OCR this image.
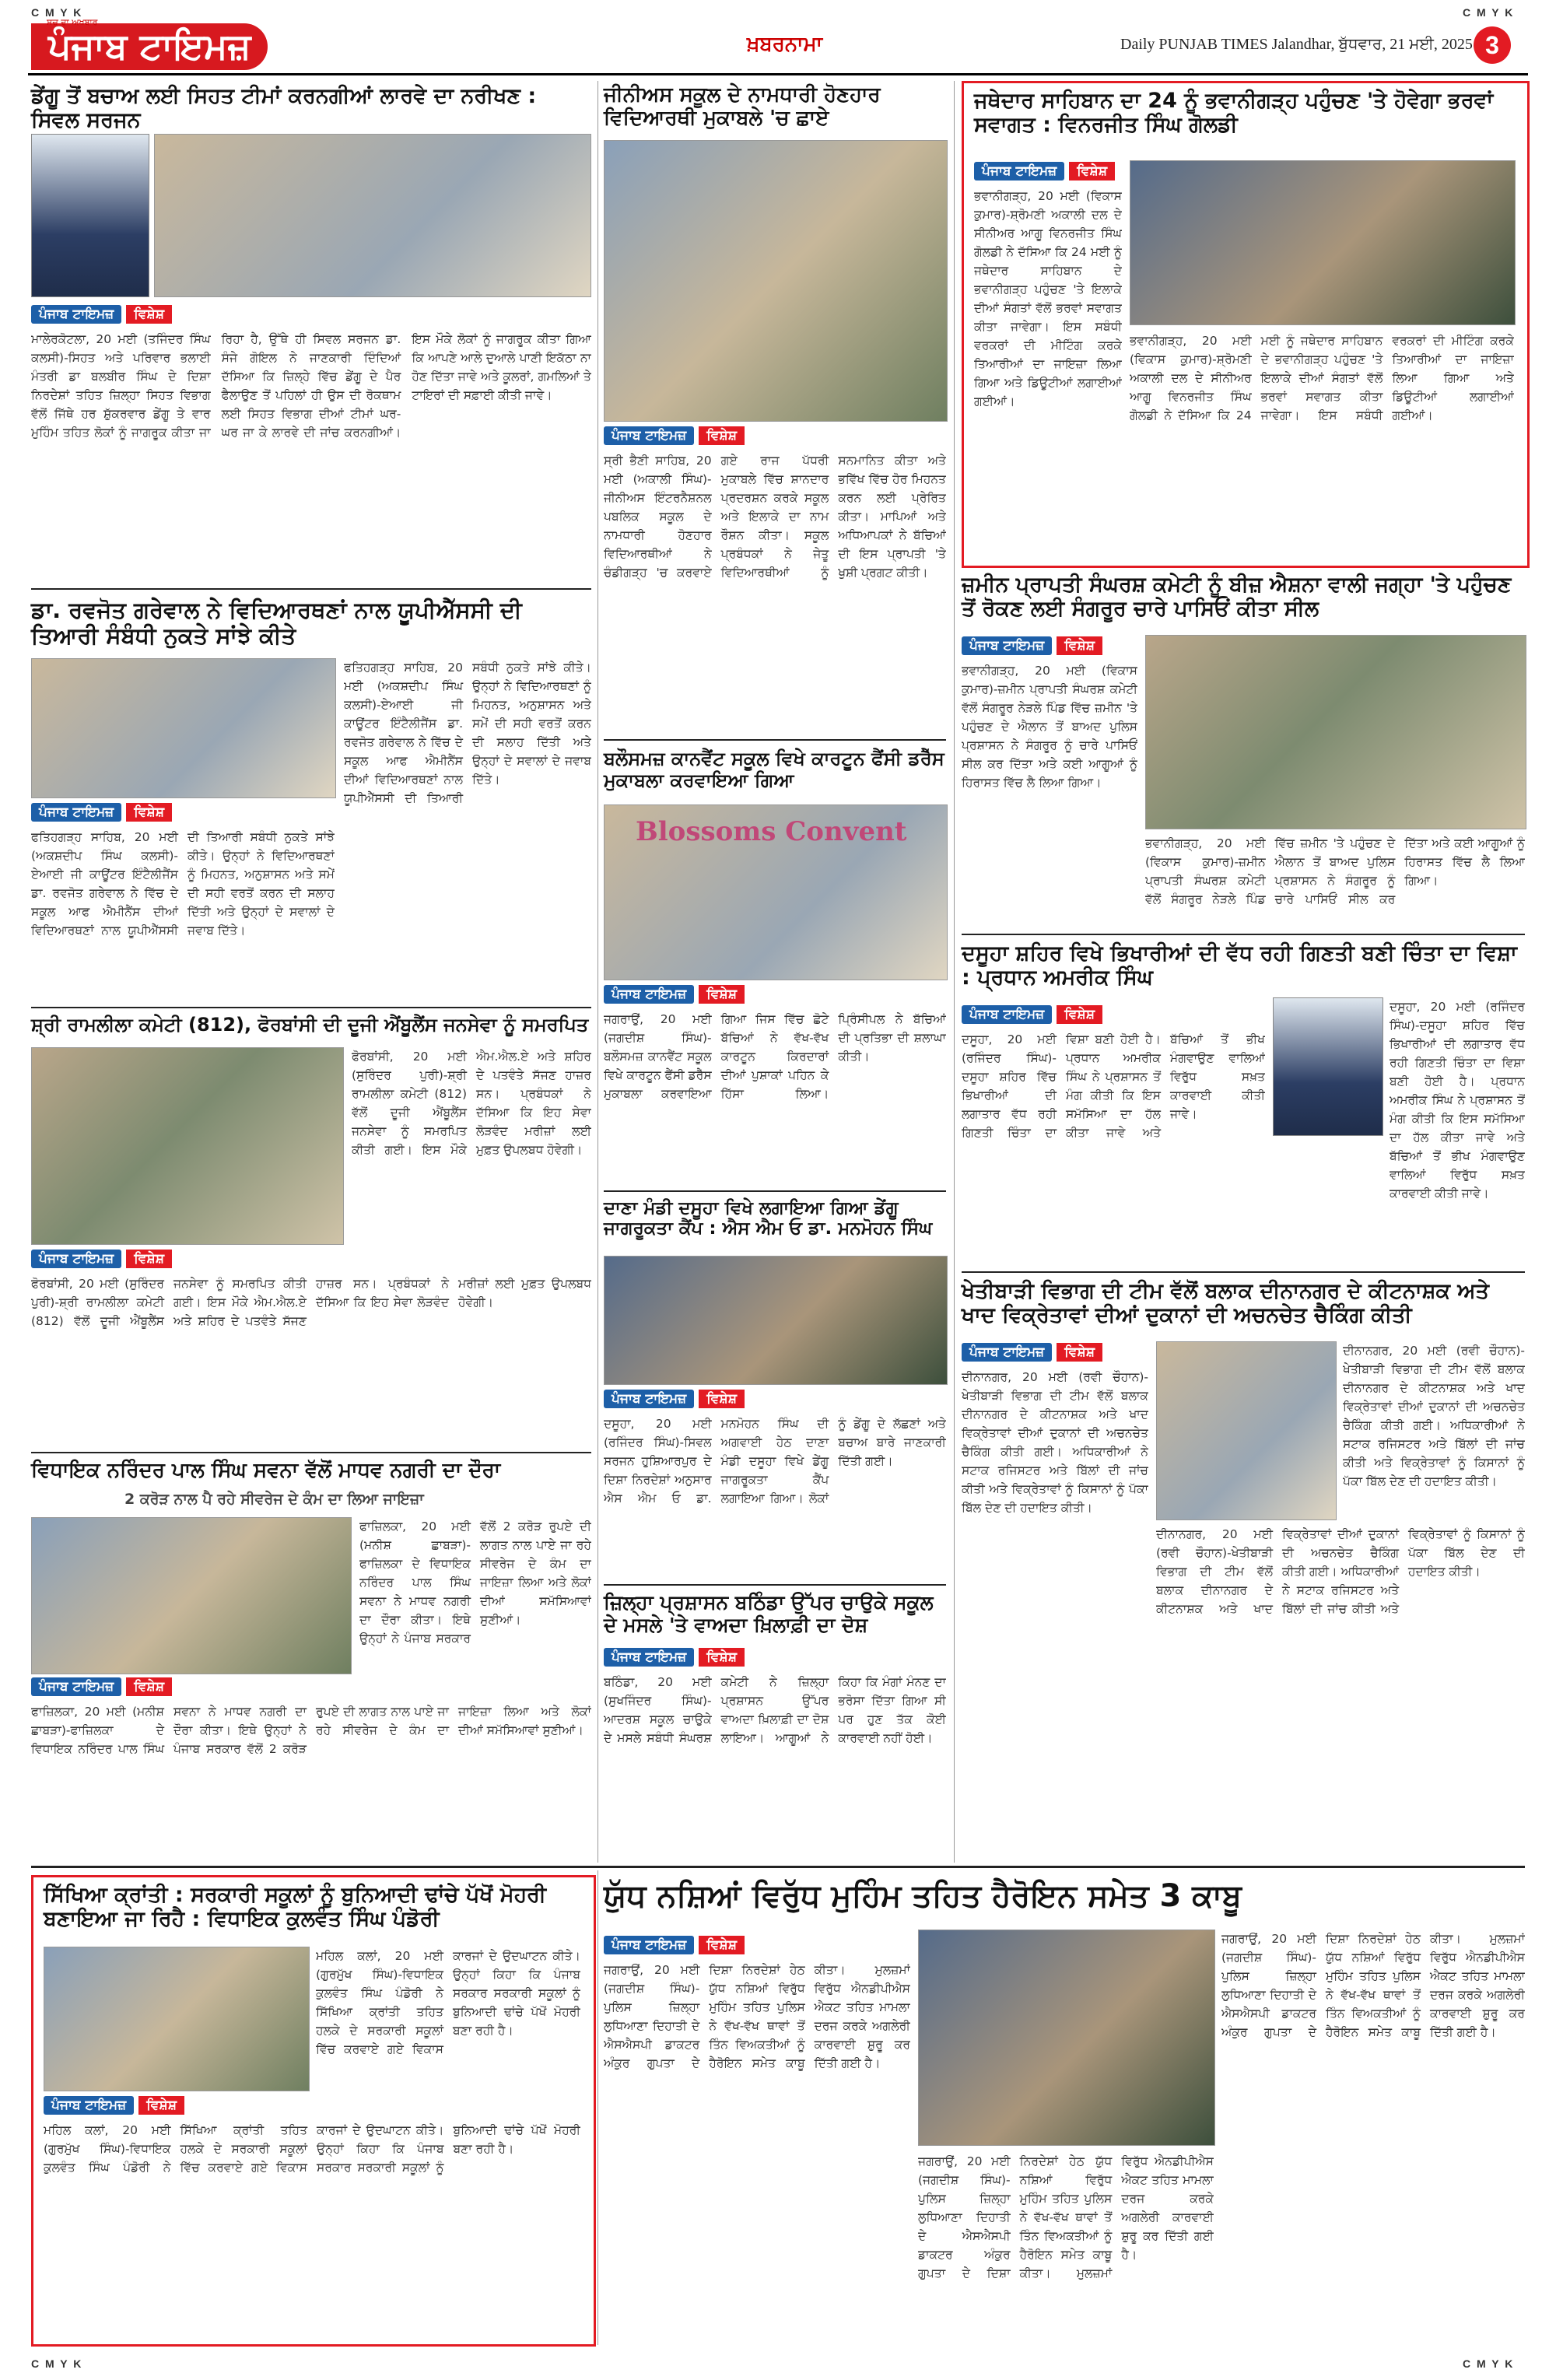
C M Y K	C M Y K
ਪੰਜਾਬ ਟਾਇਮਜ਼
ਸਚ ਦਾ ਅਖਬਾਰ
ਖ਼ਬਰਨਾਮਾ	Daily PUNJAB TIMES Jalandhar, ਬੁੱਧਵਾਰ, 21 ਮਈ, 2025 3
ਡੇਂਗੂ ਤੋਂ ਬਚਾਅ ਲਈ ਸਿਹਤ ਟੀਮਾਂ ਕਰਨਗੀਆਂ ਲਾਰਵੇ ਦਾ ਨਰੀਖਣ : ਸਿਵਲ ਸਰਜਨ
ਪੰਜਾਬ ਟਾਇਮਜ਼	ਵਿਸ਼ੇਸ਼
ਮਾਲੇਰਕੋਟਲਾ, 20 ਮਈ (ਤਜਿੰਦਰ ਸਿੰਘ ਕਲਸੀ)-ਸਿਹਤ ਅਤੇ ਪਰਿਵਾਰ ਭਲਾਈ ਮੰਤਰੀ ਡਾ ਬਲਬੀਰ ਸਿੰਘ ਦੇ ਦਿਸ਼ਾ ਨਿਰਦੇਸ਼ਾਂ ਤਹਿਤ ਜ਼ਿਲ੍ਹਾ ਸਿਹਤ ਵਿਭਾਗ ਵੱਲੋਂ ਜਿੱਥੇ ਹਰ ਸ਼ੁੱਕਰਵਾਰ ਡੇਂਗੂ ਤੇ ਵਾਰ ਮੁਹਿੰਮ ਤਹਿਤ ਲੋਕਾਂ ਨੂੰ ਜਾਗਰੂਕ ਕੀਤਾ ਜਾ ਰਿਹਾ ਹੈ, ਉੱਥੇ ਹੀ ਸਿਵਲ ਸਰਜਨ ਡਾ. ਸੰਜੇ ਗੋਇਲ ਨੇ ਜਾਣਕਾਰੀ ਦਿੰਦਿਆਂ ਦੱਸਿਆ ਕਿ ਜ਼ਿਲ੍ਹੇ ਵਿੱਚ ਡੇਂਗੂ ਦੇ ਪੈਰ ਫੈਲਾਉਣ ਤੋਂ ਪਹਿਲਾਂ ਹੀ ਉਸ ਦੀ ਰੋਕਥਾਮ ਲਈ ਸਿਹਤ ਵਿਭਾਗ ਦੀਆਂ ਟੀਮਾਂ ਘਰ-ਘਰ ਜਾ ਕੇ ਲਾਰਵੇ ਦੀ ਜਾਂਚ ਕਰਨਗੀਆਂ। ਇਸ ਮੌਕੇ ਲੋਕਾਂ ਨੂੰ ਜਾਗਰੂਕ ਕੀਤਾ ਗਿਆ ਕਿ ਆਪਣੇ ਆਲੇ ਦੁਆਲੇ ਪਾਣੀ ਇਕੱਠਾ ਨਾ ਹੋਣ ਦਿੱਤਾ ਜਾਵੇ ਅਤੇ ਕੂਲਰਾਂ, ਗਮਲਿਆਂ ਤੇ ਟਾਇਰਾਂ ਦੀ ਸਫ਼ਾਈ ਕੀਤੀ ਜਾਵੇ।
ਜੀਨੀਅਸ ਸਕੂਲ ਦੇ ਨਾਮਧਾਰੀ ਹੋਣਹਾਰ ਵਿਦਿਆਰਥੀ ਮੁਕਾਬਲੇ 'ਚ ਛਾਏ
ਪੰਜਾਬ ਟਾਇਮਜ਼	ਵਿਸ਼ੇਸ਼
ਸ੍ਰੀ ਭੈਣੀ ਸਾਹਿਬ, 20 ਮਈ (ਅਕਾਲੀ ਸਿੰਘ)-ਜੀਨੀਅਸ ਇੰਟਰਨੈਸ਼ਨਲ ਪਬਲਿਕ ਸਕੂਲ ਦੇ ਨਾਮਧਾਰੀ ਹੋਣਹਾਰ ਵਿਦਿਆਰਥੀਆਂ ਨੇ ਚੰਡੀਗੜ੍ਹ 'ਚ ਕਰਵਾਏ ਗਏ ਰਾਜ ਪੱਧਰੀ ਮੁਕਾਬਲੇ ਵਿੱਚ ਸ਼ਾਨਦਾਰ ਪ੍ਰਦਰਸ਼ਨ ਕਰਕੇ ਸਕੂਲ ਅਤੇ ਇਲਾਕੇ ਦਾ ਨਾਮ ਰੌਸ਼ਨ ਕੀਤਾ। ਸਕੂਲ ਪ੍ਰਬੰਧਕਾਂ ਨੇ ਜੇਤੂ ਵਿਦਿਆਰਥੀਆਂ ਨੂੰ ਸਨਮਾਨਿਤ ਕੀਤਾ ਅਤੇ ਭਵਿੱਖ ਵਿੱਚ ਹੋਰ ਮਿਹਨਤ ਕਰਨ ਲਈ ਪ੍ਰੇਰਿਤ ਕੀਤਾ। ਮਾਪਿਆਂ ਅਤੇ ਅਧਿਆਪਕਾਂ ਨੇ ਬੱਚਿਆਂ ਦੀ ਇਸ ਪ੍ਰਾਪਤੀ 'ਤੇ ਖੁਸ਼ੀ ਪ੍ਰਗਟ ਕੀਤੀ।
ਜਥੇਦਾਰ ਸਾਹਿਬਾਨ ਦਾ 24 ਨੂੰ ਭਵਾਨੀਗੜ੍ਹ ਪਹੁੰਚਣ 'ਤੇ ਹੋਵੇਗਾ ਭਰਵਾਂ ਸਵਾਗਤ : ਵਿਨਰਜੀਤ ਸਿੰਘ ਗੋਲਡੀ
ਪੰਜਾਬ ਟਾਇਮਜ਼	ਵਿਸ਼ੇਸ਼
ਭਵਾਨੀਗੜ੍ਹ, 20 ਮਈ (ਵਿਕਾਸ ਕੁਮਾਰ)-ਸ਼੍ਰੋਮਣੀ ਅਕਾਲੀ ਦਲ ਦੇ ਸੀਨੀਅਰ ਆਗੂ ਵਿਨਰਜੀਤ ਸਿੰਘ ਗੋਲਡੀ ਨੇ ਦੱਸਿਆ ਕਿ 24 ਮਈ ਨੂੰ ਜਥੇਦਾਰ ਸਾਹਿਬਾਨ ਦੇ ਭਵਾਨੀਗੜ੍ਹ ਪਹੁੰਚਣ 'ਤੇ ਇਲਾਕੇ ਦੀਆਂ ਸੰਗਤਾਂ ਵੱਲੋਂ ਭਰਵਾਂ ਸਵਾਗਤ ਕੀਤਾ ਜਾਵੇਗਾ। ਇਸ ਸਬੰਧੀ ਵਰਕਰਾਂ ਦੀ ਮੀਟਿੰਗ ਕਰਕੇ ਤਿਆਰੀਆਂ ਦਾ ਜਾਇਜ਼ਾ ਲਿਆ ਗਿਆ ਅਤੇ ਡਿਊਟੀਆਂ ਲਗਾਈਆਂ ਗਈਆਂ।
ਭਵਾਨੀਗੜ੍ਹ, 20 ਮਈ (ਵਿਕਾਸ ਕੁਮਾਰ)-ਸ਼੍ਰੋਮਣੀ ਅਕਾਲੀ ਦਲ ਦੇ ਸੀਨੀਅਰ ਆਗੂ ਵਿਨਰਜੀਤ ਸਿੰਘ ਗੋਲਡੀ ਨੇ ਦੱਸਿਆ ਕਿ 24 ਮਈ ਨੂੰ ਜਥੇਦਾਰ ਸਾਹਿਬਾਨ ਦੇ ਭਵਾਨੀਗੜ੍ਹ ਪਹੁੰਚਣ 'ਤੇ ਇਲਾਕੇ ਦੀਆਂ ਸੰਗਤਾਂ ਵੱਲੋਂ ਭਰਵਾਂ ਸਵਾਗਤ ਕੀਤਾ ਜਾਵੇਗਾ। ਇਸ ਸਬੰਧੀ ਵਰਕਰਾਂ ਦੀ ਮੀਟਿੰਗ ਕਰਕੇ ਤਿਆਰੀਆਂ ਦਾ ਜਾਇਜ਼ਾ ਲਿਆ ਗਿਆ ਅਤੇ ਡਿਊਟੀਆਂ ਲਗਾਈਆਂ ਗਈਆਂ।
ਡਾ. ਰਵਜੋਤ ਗਰੇਵਾਲ ਨੇ ਵਿਦਿਆਰਥਣਾਂ ਨਾਲ ਯੂਪੀਐੱਸਸੀ ਦੀ ਤਿਆਰੀ ਸੰਬੰਧੀ ਨੁਕਤੇ ਸਾਂਝੇ ਕੀਤੇ
ਪੰਜਾਬ ਟਾਇਮਜ਼	ਵਿਸ਼ੇਸ਼
ਫਤਿਹਗੜ੍ਹ ਸਾਹਿਬ, 20 ਮਈ (ਅਕਸ਼ਦੀਪ ਸਿੰਘ ਕਲਸੀ)-ਏਆਈ ਜੀ ਕਾਊਂਟਰ ਇੰਟੈਲੀਜੈਂਸ ਡਾ. ਰਵਜੋਤ ਗਰੇਵਾਲ ਨੇ ਵਿੱਚ ਦੇ ਸਕੂਲ ਆਫ ਐਮੀਨੈਂਸ ਦੀਆਂ ਵਿਦਿਆਰਥਣਾਂ ਨਾਲ ਯੂਪੀਐੱਸਸੀ ਦੀ ਤਿਆਰੀ ਸਬੰਧੀ ਨੁਕਤੇ ਸਾਂਝੇ ਕੀਤੇ। ਉਨ੍ਹਾਂ ਨੇ ਵਿਦਿਆਰਥਣਾਂ ਨੂੰ ਮਿਹਨਤ, ਅਨੁਸ਼ਾਸਨ ਅਤੇ ਸਮੇਂ ਦੀ ਸਹੀ ਵਰਤੋਂ ਕਰਨ ਦੀ ਸਲਾਹ ਦਿੱਤੀ ਅਤੇ ਉਨ੍ਹਾਂ ਦੇ ਸਵਾਲਾਂ ਦੇ ਜਵਾਬ ਦਿੱਤੇ।
ਫਤਿਹਗੜ੍ਹ ਸਾਹਿਬ, 20 ਮਈ (ਅਕਸ਼ਦੀਪ ਸਿੰਘ ਕਲਸੀ)-ਏਆਈ ਜੀ ਕਾਊਂਟਰ ਇੰਟੈਲੀਜੈਂਸ ਡਾ. ਰਵਜੋਤ ਗਰੇਵਾਲ ਨੇ ਵਿੱਚ ਦੇ ਸਕੂਲ ਆਫ ਐਮੀਨੈਂਸ ਦੀਆਂ ਵਿਦਿਆਰਥਣਾਂ ਨਾਲ ਯੂਪੀਐੱਸਸੀ ਦੀ ਤਿਆਰੀ ਸਬੰਧੀ ਨੁਕਤੇ ਸਾਂਝੇ ਕੀਤੇ। ਉਨ੍ਹਾਂ ਨੇ ਵਿਦਿਆਰਥਣਾਂ ਨੂੰ ਮਿਹਨਤ, ਅਨੁਸ਼ਾਸਨ ਅਤੇ ਸਮੇਂ ਦੀ ਸਹੀ ਵਰਤੋਂ ਕਰਨ ਦੀ ਸਲਾਹ ਦਿੱਤੀ ਅਤੇ ਉਨ੍ਹਾਂ ਦੇ ਸਵਾਲਾਂ ਦੇ ਜਵਾਬ ਦਿੱਤੇ।
ਸ਼੍ਰੀ ਰਾਮਲੀਲਾ ਕਮੇਟੀ (812), ਫੋਰਬਾਂਸੀ ਦੀ ਦੂਜੀ ਐਂਬੂਲੈਂਸ ਜਨਸੇਵਾ ਨੂੰ ਸਮਰਪਿਤ
ਪੰਜਾਬ ਟਾਇਮਜ਼	ਵਿਸ਼ੇਸ਼
ਫੋਰਬਾਂਸੀ, 20 ਮਈ (ਸੁਰਿੰਦਰ ਪੁਰੀ)-ਸ਼੍ਰੀ ਰਾਮਲੀਲਾ ਕਮੇਟੀ (812) ਵੱਲੋਂ ਦੂਜੀ ਐਂਬੂਲੈਂਸ ਜਨਸੇਵਾ ਨੂੰ ਸਮਰਪਿਤ ਕੀਤੀ ਗਈ। ਇਸ ਮੌਕੇ ਐਮ.ਐਲ.ਏ ਅਤੇ ਸ਼ਹਿਰ ਦੇ ਪਤਵੰਤੇ ਸੱਜਣ ਹਾਜ਼ਰ ਸਨ। ਪ੍ਰਬੰਧਕਾਂ ਨੇ ਦੱਸਿਆ ਕਿ ਇਹ ਸੇਵਾ ਲੋੜਵੰਦ ਮਰੀਜ਼ਾਂ ਲਈ ਮੁਫ਼ਤ ਉਪਲਬਧ ਹੋਵੇਗੀ।
ਫੋਰਬਾਂਸੀ, 20 ਮਈ (ਸੁਰਿੰਦਰ ਪੁਰੀ)-ਸ਼੍ਰੀ ਰਾਮਲੀਲਾ ਕਮੇਟੀ (812) ਵੱਲੋਂ ਦੂਜੀ ਐਂਬੂਲੈਂਸ ਜਨਸੇਵਾ ਨੂੰ ਸਮਰਪਿਤ ਕੀਤੀ ਗਈ। ਇਸ ਮੌਕੇ ਐਮ.ਐਲ.ਏ ਅਤੇ ਸ਼ਹਿਰ ਦੇ ਪਤਵੰਤੇ ਸੱਜਣ ਹਾਜ਼ਰ ਸਨ। ਪ੍ਰਬੰਧਕਾਂ ਨੇ ਦੱਸਿਆ ਕਿ ਇਹ ਸੇਵਾ ਲੋੜਵੰਦ ਮਰੀਜ਼ਾਂ ਲਈ ਮੁਫ਼ਤ ਉਪਲਬਧ ਹੋਵੇਗੀ।
ਵਿਧਾਇਕ ਨਰਿੰਦਰ ਪਾਲ ਸਿੰਘ ਸਵਨਾ ਵੱਲੋਂ ਮਾਧਵ ਨਗਰੀ ਦਾ ਦੌਰਾ
2 ਕਰੋੜ ਨਾਲ ਪੈ ਰਹੇ ਸੀਵਰੇਜ ਦੇ ਕੰਮ ਦਾ ਲਿਆ ਜਾਇਜ਼ਾ
ਪੰਜਾਬ ਟਾਇਮਜ਼	ਵਿਸ਼ੇਸ਼
ਫਾਜ਼ਿਲਕਾ, 20 ਮਈ (ਮਨੀਸ਼ ਛਾਬੜਾ)-ਫਾਜ਼ਿਲਕਾ ਦੇ ਵਿਧਾਇਕ ਨਰਿੰਦਰ ਪਾਲ ਸਿੰਘ ਸਵਨਾ ਨੇ ਮਾਧਵ ਨਗਰੀ ਦਾ ਦੌਰਾ ਕੀਤਾ। ਇਥੇ ਉਨ੍ਹਾਂ ਨੇ ਪੰਜਾਬ ਸਰਕਾਰ ਵੱਲੋਂ 2 ਕਰੋੜ ਰੁਪਏ ਦੀ ਲਾਗਤ ਨਾਲ ਪਾਏ ਜਾ ਰਹੇ ਸੀਵਰੇਜ ਦੇ ਕੰਮ ਦਾ ਜਾਇਜ਼ਾ ਲਿਆ ਅਤੇ ਲੋਕਾਂ ਦੀਆਂ ਸਮੱਸਿਆਵਾਂ ਸੁਣੀਆਂ।
ਫਾਜ਼ਿਲਕਾ, 20 ਮਈ (ਮਨੀਸ਼ ਛਾਬੜਾ)-ਫਾਜ਼ਿਲਕਾ ਦੇ ਵਿਧਾਇਕ ਨਰਿੰਦਰ ਪਾਲ ਸਿੰਘ ਸਵਨਾ ਨੇ ਮਾਧਵ ਨਗਰੀ ਦਾ ਦੌਰਾ ਕੀਤਾ। ਇਥੇ ਉਨ੍ਹਾਂ ਨੇ ਪੰਜਾਬ ਸਰਕਾਰ ਵੱਲੋਂ 2 ਕਰੋੜ ਰੁਪਏ ਦੀ ਲਾਗਤ ਨਾਲ ਪਾਏ ਜਾ ਰਹੇ ਸੀਵਰੇਜ ਦੇ ਕੰਮ ਦਾ ਜਾਇਜ਼ਾ ਲਿਆ ਅਤੇ ਲੋਕਾਂ ਦੀਆਂ ਸਮੱਸਿਆਵਾਂ ਸੁਣੀਆਂ।
ਬਲੌਸਮਜ਼ ਕਾਨਵੈਂਟ ਸਕੂਲ ਵਿਖੇ ਕਾਰਟੂਨ ਫੈਂਸੀ ਡਰੈੱਸ ਮੁਕਾਬਲਾ ਕਰਵਾਇਆ ਗਿਆ
Blossoms Convent
ਪੰਜਾਬ ਟਾਇਮਜ਼	ਵਿਸ਼ੇਸ਼
ਜਗਰਾਉਂ, 20 ਮਈ (ਜਗਦੀਸ਼ ਸਿੰਘ)-ਬਲੌਸਮਜ਼ ਕਾਨਵੈਂਟ ਸਕੂਲ ਵਿਖੇ ਕਾਰਟੂਨ ਫੈਂਸੀ ਡਰੈੱਸ ਮੁਕਾਬਲਾ ਕਰਵਾਇਆ ਗਿਆ ਜਿਸ ਵਿੱਚ ਛੋਟੇ ਬੱਚਿਆਂ ਨੇ ਵੱਖ-ਵੱਖ ਕਾਰਟੂਨ ਕਿਰਦਾਰਾਂ ਦੀਆਂ ਪੁਸ਼ਾਕਾਂ ਪਹਿਨ ਕੇ ਹਿੱਸਾ ਲਿਆ। ਪ੍ਰਿੰਸੀਪਲ ਨੇ ਬੱਚਿਆਂ ਦੀ ਪ੍ਰਤਿਭਾ ਦੀ ਸ਼ਲਾਘਾ ਕੀਤੀ।
ਦਾਣਾ ਮੰਡੀ ਦਸੂਹਾ ਵਿਖੇ ਲਗਾਇਆ ਗਿਆ ਡੇਂਗੂ ਜਾਗਰੂਕਤਾ ਕੈਂਪ : ਐਸ ਐਮ ਓ ਡਾ. ਮਨਮੋਹਨ ਸਿੰਘ
ਪੰਜਾਬ ਟਾਇਮਜ਼	ਵਿਸ਼ੇਸ਼
ਦਸੂਹਾ, 20 ਮਈ (ਰਜਿੰਦਰ ਸਿੰਘ)-ਸਿਵਲ ਸਰਜਨ ਹੁਸ਼ਿਆਰਪੁਰ ਦੇ ਦਿਸ਼ਾ ਨਿਰਦੇਸ਼ਾਂ ਅਨੁਸਾਰ ਐਸ ਐਮ ਓ ਡਾ. ਮਨਮੋਹਨ ਸਿੰਘ ਦੀ ਅਗਵਾਈ ਹੇਠ ਦਾਣਾ ਮੰਡੀ ਦਸੂਹਾ ਵਿਖੇ ਡੇਂਗੂ ਜਾਗਰੂਕਤਾ ਕੈਂਪ ਲਗਾਇਆ ਗਿਆ। ਲੋਕਾਂ ਨੂੰ ਡੇਂਗੂ ਦੇ ਲੱਛਣਾਂ ਅਤੇ ਬਚਾਅ ਬਾਰੇ ਜਾਣਕਾਰੀ ਦਿੱਤੀ ਗਈ।
ਜ਼ਿਲ੍ਹਾ ਪ੍ਰਸ਼ਾਸਨ ਬਠਿੰਡਾ ਉੱਪਰ ਚਾਉਕੇ ਸਕੂਲ ਦੇ ਮਸਲੇ 'ਤੇ ਵਾਅਦਾ ਖ਼ਿਲਾਫ਼ੀ ਦਾ ਦੋਸ਼
ਪੰਜਾਬ ਟਾਇਮਜ਼	ਵਿਸ਼ੇਸ਼
ਬਠਿੰਡਾ, 20 ਮਈ (ਸੁਖਜਿੰਦਰ ਸਿੰਘ)-ਆਦਰਸ਼ ਸਕੂਲ ਚਾਉਕੇ ਦੇ ਮਸਲੇ ਸਬੰਧੀ ਸੰਘਰਸ਼ ਕਮੇਟੀ ਨੇ ਜ਼ਿਲ੍ਹਾ ਪ੍ਰਸ਼ਾਸਨ ਉੱਪਰ ਵਾਅਦਾ ਖ਼ਿਲਾਫ਼ੀ ਦਾ ਦੋਸ਼ ਲਾਇਆ। ਆਗੂਆਂ ਨੇ ਕਿਹਾ ਕਿ ਮੰਗਾਂ ਮੰਨਣ ਦਾ ਭਰੋਸਾ ਦਿੱਤਾ ਗਿਆ ਸੀ ਪਰ ਹੁਣ ਤੱਕ ਕੋਈ ਕਾਰਵਾਈ ਨਹੀਂ ਹੋਈ।
ਜ਼ਮੀਨ ਪ੍ਰਾਪਤੀ ਸੰਘਰਸ਼ ਕਮੇਟੀ ਨੂੰ ਬੀਜ਼ ਐਸ਼ਨਾ ਵਾਲੀ ਜਗ੍ਹਾ 'ਤੇ ਪਹੁੰਚਣ ਤੋਂ ਰੋਕਣ ਲਈ ਸੰਗਰੂਰ ਚਾਰੇ ਪਾਸਿਓਂ ਕੀਤਾ ਸੀਲ
ਪੰਜਾਬ ਟਾਇਮਜ਼	ਵਿਸ਼ੇਸ਼
ਭਵਾਨੀਗੜ੍ਹ, 20 ਮਈ (ਵਿਕਾਸ ਕੁਮਾਰ)-ਜ਼ਮੀਨ ਪ੍ਰਾਪਤੀ ਸੰਘਰਸ਼ ਕਮੇਟੀ ਵੱਲੋਂ ਸੰਗਰੂਰ ਨੇੜਲੇ ਪਿੰਡ ਵਿੱਚ ਜ਼ਮੀਨ 'ਤੇ ਪਹੁੰਚਣ ਦੇ ਐਲਾਨ ਤੋਂ ਬਾਅਦ ਪੁਲਿਸ ਪ੍ਰਸ਼ਾਸਨ ਨੇ ਸੰਗਰੂਰ ਨੂੰ ਚਾਰੇ ਪਾਸਿਓਂ ਸੀਲ ਕਰ ਦਿੱਤਾ ਅਤੇ ਕਈ ਆਗੂਆਂ ਨੂੰ ਹਿਰਾਸਤ ਵਿੱਚ ਲੈ ਲਿਆ ਗਿਆ।
ਭਵਾਨੀਗੜ੍ਹ, 20 ਮਈ (ਵਿਕਾਸ ਕੁਮਾਰ)-ਜ਼ਮੀਨ ਪ੍ਰਾਪਤੀ ਸੰਘਰਸ਼ ਕਮੇਟੀ ਵੱਲੋਂ ਸੰਗਰੂਰ ਨੇੜਲੇ ਪਿੰਡ ਵਿੱਚ ਜ਼ਮੀਨ 'ਤੇ ਪਹੁੰਚਣ ਦੇ ਐਲਾਨ ਤੋਂ ਬਾਅਦ ਪੁਲਿਸ ਪ੍ਰਸ਼ਾਸਨ ਨੇ ਸੰਗਰੂਰ ਨੂੰ ਚਾਰੇ ਪਾਸਿਓਂ ਸੀਲ ਕਰ ਦਿੱਤਾ ਅਤੇ ਕਈ ਆਗੂਆਂ ਨੂੰ ਹਿਰਾਸਤ ਵਿੱਚ ਲੈ ਲਿਆ ਗਿਆ।
ਦਸੂਹਾ ਸ਼ਹਿਰ ਵਿਖੇ ਭਿਖਾਰੀਆਂ ਦੀ ਵੱਧ ਰਹੀ ਗਿਣਤੀ ਬਣੀ ਚਿੰਤਾ ਦਾ ਵਿਸ਼ਾ : ਪ੍ਰਧਾਨ ਅਮਰੀਕ ਸਿੰਘ
ਪੰਜਾਬ ਟਾਇਮਜ਼	ਵਿਸ਼ੇਸ਼
ਦਸੂਹਾ, 20 ਮਈ (ਰਜਿੰਦਰ ਸਿੰਘ)-ਦਸੂਹਾ ਸ਼ਹਿਰ ਵਿੱਚ ਭਿਖਾਰੀਆਂ ਦੀ ਲਗਾਤਾਰ ਵੱਧ ਰਹੀ ਗਿਣਤੀ ਚਿੰਤਾ ਦਾ ਵਿਸ਼ਾ ਬਣੀ ਹੋਈ ਹੈ। ਪ੍ਰਧਾਨ ਅਮਰੀਕ ਸਿੰਘ ਨੇ ਪ੍ਰਸ਼ਾਸਨ ਤੋਂ ਮੰਗ ਕੀਤੀ ਕਿ ਇਸ ਸਮੱਸਿਆ ਦਾ ਹੱਲ ਕੀਤਾ ਜਾਵੇ ਅਤੇ ਬੱਚਿਆਂ ਤੋਂ ਭੀਖ ਮੰਗਵਾਉਣ ਵਾਲਿਆਂ ਵਿਰੁੱਧ ਸਖ਼ਤ ਕਾਰਵਾਈ ਕੀਤੀ ਜਾਵੇ।
ਦਸੂਹਾ, 20 ਮਈ (ਰਜਿੰਦਰ ਸਿੰਘ)-ਦਸੂਹਾ ਸ਼ਹਿਰ ਵਿੱਚ ਭਿਖਾਰੀਆਂ ਦੀ ਲਗਾਤਾਰ ਵੱਧ ਰਹੀ ਗਿਣਤੀ ਚਿੰਤਾ ਦਾ ਵਿਸ਼ਾ ਬਣੀ ਹੋਈ ਹੈ। ਪ੍ਰਧਾਨ ਅਮਰੀਕ ਸਿੰਘ ਨੇ ਪ੍ਰਸ਼ਾਸਨ ਤੋਂ ਮੰਗ ਕੀਤੀ ਕਿ ਇਸ ਸਮੱਸਿਆ ਦਾ ਹੱਲ ਕੀਤਾ ਜਾਵੇ ਅਤੇ ਬੱਚਿਆਂ ਤੋਂ ਭੀਖ ਮੰਗਵਾਉਣ ਵਾਲਿਆਂ ਵਿਰੁੱਧ ਸਖ਼ਤ ਕਾਰਵਾਈ ਕੀਤੀ ਜਾਵੇ।
ਖੇਤੀਬਾੜੀ ਵਿਭਾਗ ਦੀ ਟੀਮ ਵੱਲੋਂ ਬਲਾਕ ਦੀਨਾਨਗਰ ਦੇ ਕੀਟਨਾਸ਼ਕ ਅਤੇ ਖਾਦ ਵਿਕ੍ਰੇਤਾਵਾਂ ਦੀਆਂ ਦੁਕਾਨਾਂ ਦੀ ਅਚਨਚੇਤ ਚੈਕਿੰਗ ਕੀਤੀ
ਪੰਜਾਬ ਟਾਇਮਜ਼	ਵਿਸ਼ੇਸ਼
ਦੀਨਾਨਗਰ, 20 ਮਈ (ਰਵੀ ਚੌਹਾਨ)-ਖੇਤੀਬਾੜੀ ਵਿਭਾਗ ਦੀ ਟੀਮ ਵੱਲੋਂ ਬਲਾਕ ਦੀਨਾਨਗਰ ਦੇ ਕੀਟਨਾਸ਼ਕ ਅਤੇ ਖਾਦ ਵਿਕ੍ਰੇਤਾਵਾਂ ਦੀਆਂ ਦੁਕਾਨਾਂ ਦੀ ਅਚਨਚੇਤ ਚੈਕਿੰਗ ਕੀਤੀ ਗਈ। ਅਧਿਕਾਰੀਆਂ ਨੇ ਸਟਾਕ ਰਜਿਸਟਰ ਅਤੇ ਬਿੱਲਾਂ ਦੀ ਜਾਂਚ ਕੀਤੀ ਅਤੇ ਵਿਕ੍ਰੇਤਾਵਾਂ ਨੂੰ ਕਿਸਾਨਾਂ ਨੂੰ ਪੱਕਾ ਬਿੱਲ ਦੇਣ ਦੀ ਹਦਾਇਤ ਕੀਤੀ।
ਦੀਨਾਨਗਰ, 20 ਮਈ (ਰਵੀ ਚੌਹਾਨ)-ਖੇਤੀਬਾੜੀ ਵਿਭਾਗ ਦੀ ਟੀਮ ਵੱਲੋਂ ਬਲਾਕ ਦੀਨਾਨਗਰ ਦੇ ਕੀਟਨਾਸ਼ਕ ਅਤੇ ਖਾਦ ਵਿਕ੍ਰੇਤਾਵਾਂ ਦੀਆਂ ਦੁਕਾਨਾਂ ਦੀ ਅਚਨਚੇਤ ਚੈਕਿੰਗ ਕੀਤੀ ਗਈ। ਅਧਿਕਾਰੀਆਂ ਨੇ ਸਟਾਕ ਰਜਿਸਟਰ ਅਤੇ ਬਿੱਲਾਂ ਦੀ ਜਾਂਚ ਕੀਤੀ ਅਤੇ ਵਿਕ੍ਰੇਤਾਵਾਂ ਨੂੰ ਕਿਸਾਨਾਂ ਨੂੰ ਪੱਕਾ ਬਿੱਲ ਦੇਣ ਦੀ ਹਦਾਇਤ ਕੀਤੀ।
ਦੀਨਾਨਗਰ, 20 ਮਈ (ਰਵੀ ਚੌਹਾਨ)-ਖੇਤੀਬਾੜੀ ਵਿਭਾਗ ਦੀ ਟੀਮ ਵੱਲੋਂ ਬਲਾਕ ਦੀਨਾਨਗਰ ਦੇ ਕੀਟਨਾਸ਼ਕ ਅਤੇ ਖਾਦ ਵਿਕ੍ਰੇਤਾਵਾਂ ਦੀਆਂ ਦੁਕਾਨਾਂ ਦੀ ਅਚਨਚੇਤ ਚੈਕਿੰਗ ਕੀਤੀ ਗਈ। ਅਧਿਕਾਰੀਆਂ ਨੇ ਸਟਾਕ ਰਜਿਸਟਰ ਅਤੇ ਬਿੱਲਾਂ ਦੀ ਜਾਂਚ ਕੀਤੀ ਅਤੇ ਵਿਕ੍ਰੇਤਾਵਾਂ ਨੂੰ ਕਿਸਾਨਾਂ ਨੂੰ ਪੱਕਾ ਬਿੱਲ ਦੇਣ ਦੀ ਹਦਾਇਤ ਕੀਤੀ।
ਸਿੱਖਿਆ ਕ੍ਰਾਂਤੀ : ਸਰਕਾਰੀ ਸਕੂਲਾਂ ਨੂੰ ਬੁਨਿਆਦੀ ਢਾਂਚੇ ਪੱਖੋਂ ਮੋਹਰੀ ਬਣਾਇਆ ਜਾ ਰਿਹੈ : ਵਿਧਾਇਕ ਕੁਲਵੰਤ ਸਿੰਘ ਪੰਡੋਰੀ
ਪੰਜਾਬ ਟਾਇਮਜ਼	ਵਿਸ਼ੇਸ਼
ਮਹਿਲ ਕਲਾਂ, 20 ਮਈ (ਗੁਰਮੁੱਖ ਸਿੰਘ)-ਵਿਧਾਇਕ ਕੁਲਵੰਤ ਸਿੰਘ ਪੰਡੋਰੀ ਨੇ ਸਿੱਖਿਆ ਕ੍ਰਾਂਤੀ ਤਹਿਤ ਹਲਕੇ ਦੇ ਸਰਕਾਰੀ ਸਕੂਲਾਂ ਵਿੱਚ ਕਰਵਾਏ ਗਏ ਵਿਕਾਸ ਕਾਰਜਾਂ ਦੇ ਉਦਘਾਟਨ ਕੀਤੇ। ਉਨ੍ਹਾਂ ਕਿਹਾ ਕਿ ਪੰਜਾਬ ਸਰਕਾਰ ਸਰਕਾਰੀ ਸਕੂਲਾਂ ਨੂੰ ਬੁਨਿਆਦੀ ਢਾਂਚੇ ਪੱਖੋਂ ਮੋਹਰੀ ਬਣਾ ਰਹੀ ਹੈ।
ਮਹਿਲ ਕਲਾਂ, 20 ਮਈ (ਗੁਰਮੁੱਖ ਸਿੰਘ)-ਵਿਧਾਇਕ ਕੁਲਵੰਤ ਸਿੰਘ ਪੰਡੋਰੀ ਨੇ ਸਿੱਖਿਆ ਕ੍ਰਾਂਤੀ ਤਹਿਤ ਹਲਕੇ ਦੇ ਸਰਕਾਰੀ ਸਕੂਲਾਂ ਵਿੱਚ ਕਰਵਾਏ ਗਏ ਵਿਕਾਸ ਕਾਰਜਾਂ ਦੇ ਉਦਘਾਟਨ ਕੀਤੇ। ਉਨ੍ਹਾਂ ਕਿਹਾ ਕਿ ਪੰਜਾਬ ਸਰਕਾਰ ਸਰਕਾਰੀ ਸਕੂਲਾਂ ਨੂੰ ਬੁਨਿਆਦੀ ਢਾਂਚੇ ਪੱਖੋਂ ਮੋਹਰੀ ਬਣਾ ਰਹੀ ਹੈ।
ਯੁੱਧ ਨਸ਼ਿਆਂ ਵਿਰੁੱਧ ਮੁਹਿੰਮ ਤਹਿਤ ਹੈਰੋਇਨ ਸਮੇਤ 3 ਕਾਬੂ
ਪੰਜਾਬ ਟਾਇਮਜ਼	ਵਿਸ਼ੇਸ਼
ਜਗਰਾਉਂ, 20 ਮਈ (ਜਗਦੀਸ਼ ਸਿੰਘ)-ਪੁਲਿਸ ਜ਼ਿਲ੍ਹਾ ਲੁਧਿਆਣਾ ਦਿਹਾਤੀ ਦੇ ਐਸਐਸਪੀ ਡਾਕਟਰ ਅੰਕੁਰ ਗੁਪਤਾ ਦੇ ਦਿਸ਼ਾ ਨਿਰਦੇਸ਼ਾਂ ਹੇਠ ਯੁੱਧ ਨਸ਼ਿਆਂ ਵਿਰੁੱਧ ਮੁਹਿੰਮ ਤਹਿਤ ਪੁਲਿਸ ਨੇ ਵੱਖ-ਵੱਖ ਥਾਵਾਂ ਤੋਂ ਤਿੰਨ ਵਿਅਕਤੀਆਂ ਨੂੰ ਹੈਰੋਇਨ ਸਮੇਤ ਕਾਬੂ ਕੀਤਾ। ਮੁਲਜ਼ਮਾਂ ਵਿਰੁੱਧ ਐਨਡੀਪੀਐਸ ਐਕਟ ਤਹਿਤ ਮਾਮਲਾ ਦਰਜ ਕਰਕੇ ਅਗਲੇਰੀ ਕਾਰਵਾਈ ਸ਼ੁਰੂ ਕਰ ਦਿੱਤੀ ਗਈ ਹੈ।
ਜਗਰਾਉਂ, 20 ਮਈ (ਜਗਦੀਸ਼ ਸਿੰਘ)-ਪੁਲਿਸ ਜ਼ਿਲ੍ਹਾ ਲੁਧਿਆਣਾ ਦਿਹਾਤੀ ਦੇ ਐਸਐਸਪੀ ਡਾਕਟਰ ਅੰਕੁਰ ਗੁਪਤਾ ਦੇ ਦਿਸ਼ਾ ਨਿਰਦੇਸ਼ਾਂ ਹੇਠ ਯੁੱਧ ਨਸ਼ਿਆਂ ਵਿਰੁੱਧ ਮੁਹਿੰਮ ਤਹਿਤ ਪੁਲਿਸ ਨੇ ਵੱਖ-ਵੱਖ ਥਾਵਾਂ ਤੋਂ ਤਿੰਨ ਵਿਅਕਤੀਆਂ ਨੂੰ ਹੈਰੋਇਨ ਸਮੇਤ ਕਾਬੂ ਕੀਤਾ। ਮੁਲਜ਼ਮਾਂ ਵਿਰੁੱਧ ਐਨਡੀਪੀਐਸ ਐਕਟ ਤਹਿਤ ਮਾਮਲਾ ਦਰਜ ਕਰਕੇ ਅਗਲੇਰੀ ਕਾਰਵਾਈ ਸ਼ੁਰੂ ਕਰ ਦਿੱਤੀ ਗਈ ਹੈ।
ਜਗਰਾਉਂ, 20 ਮਈ (ਜਗਦੀਸ਼ ਸਿੰਘ)-ਪੁਲਿਸ ਜ਼ਿਲ੍ਹਾ ਲੁਧਿਆਣਾ ਦਿਹਾਤੀ ਦੇ ਐਸਐਸਪੀ ਡਾਕਟਰ ਅੰਕੁਰ ਗੁਪਤਾ ਦੇ ਦਿਸ਼ਾ ਨਿਰਦੇਸ਼ਾਂ ਹੇਠ ਯੁੱਧ ਨਸ਼ਿਆਂ ਵਿਰੁੱਧ ਮੁਹਿੰਮ ਤਹਿਤ ਪੁਲਿਸ ਨੇ ਵੱਖ-ਵੱਖ ਥਾਵਾਂ ਤੋਂ ਤਿੰਨ ਵਿਅਕਤੀਆਂ ਨੂੰ ਹੈਰੋਇਨ ਸਮੇਤ ਕਾਬੂ ਕੀਤਾ। ਮੁਲਜ਼ਮਾਂ ਵਿਰੁੱਧ ਐਨਡੀਪੀਐਸ ਐਕਟ ਤਹਿਤ ਮਾਮਲਾ ਦਰਜ ਕਰਕੇ ਅਗਲੇਰੀ ਕਾਰਵਾਈ ਸ਼ੁਰੂ ਕਰ ਦਿੱਤੀ ਗਈ ਹੈ।
C M Y K	C M Y K
